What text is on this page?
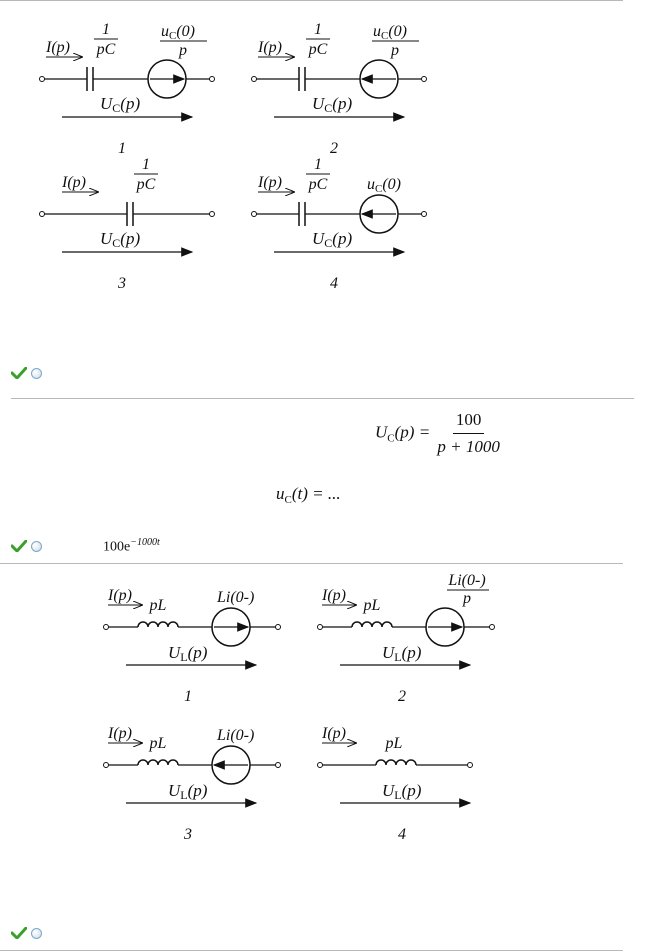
uC(0)
p
1
pC
I(p)
UC(p)
1
uC(0)
p
1
pC
I(p)
UC(p)
2
1
pC
I(p)
UC(p)
3
uC(0)
1
pC
I(p)
UC(p)
4
Li(0-)
pL
I(p)
UL(p)
1
Li(0-)
p
pL
I(p)
UL(p)
2
Li(0-)
pL
I(p)
UL(p)
3
pL
I(p)
UL(p)
4
$U_C(p) = \frac{100}{p + 1000}$
$u_C(t)$ = ...
$100e^{-1000t}$
